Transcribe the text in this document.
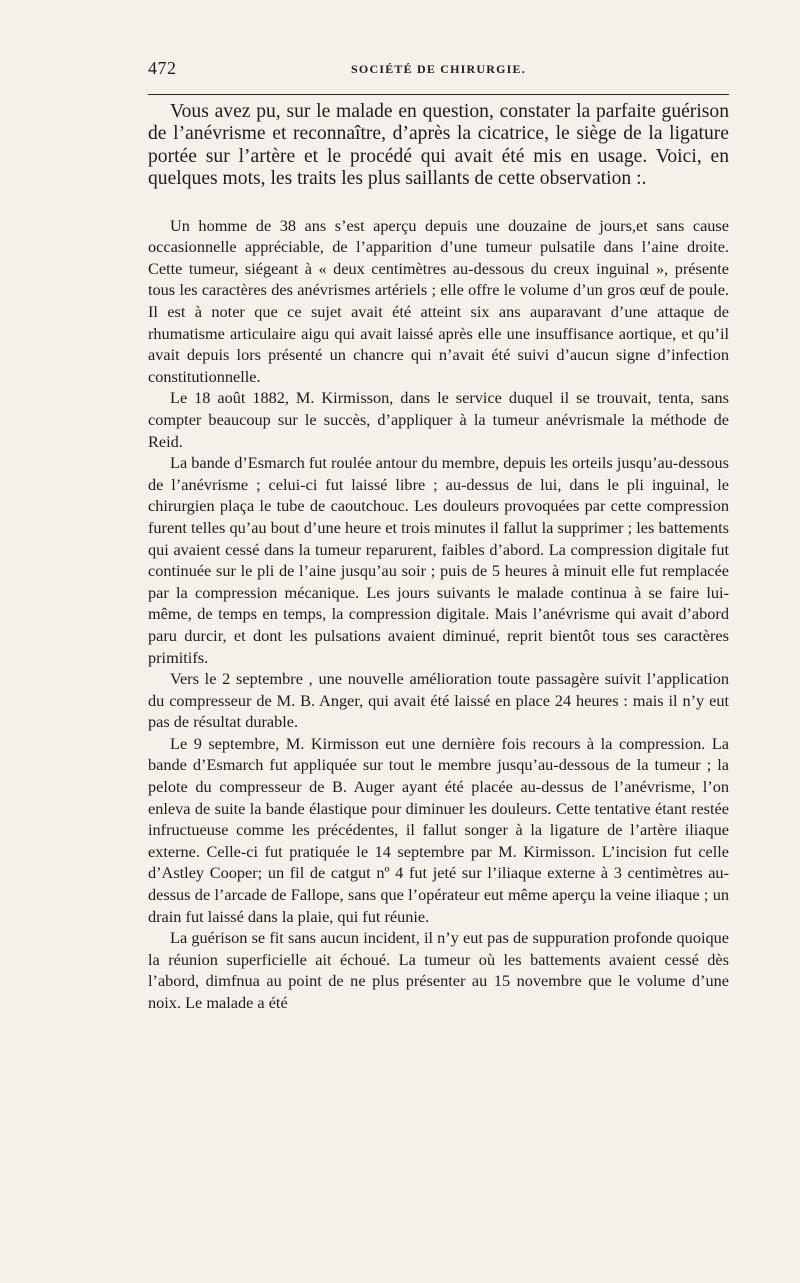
472	SOCIÉTÉ DE CHIRURGIE.

Vous avez pu, sur le malade en question, constater la parfaite guérison de l’anévrisme et reconnaître, d’après la cicatrice, le siège de la ligature portée sur l’artère et le procédé qui avait été mis en usage. Voici, en quelques mots, les traits les plus saillants de cette observation :.

Un homme de 38 ans s’est aperçu depuis une douzaine de jours,et sans cause occasionnelle appréciable, de l’apparition d’une tumeur pulsatile dans l’aine droite. Cette tumeur, siégeant à « deux centimètres au-dessous du creux inguinal », présente tous les caractères des anévrismes artériels ; elle offre le volume d’un gros œuf de poule. Il est à noter que ce sujet avait été atteint six ans auparavant d’une attaque de rhumatisme articulaire aigu qui avait laissé après elle une insuffisance aortique, et qu’il avait depuis lors présenté un chancre qui n’avait été suivi d’aucun signe d’infection constitutionnelle.

Le 18 août 1882, M. Kirmisson, dans le service duquel il se trouvait, tenta, sans compter beaucoup sur le succès, d’appliquer à la tumeur anévrismale la méthode de Reid.

La bande d’Esmarch fut roulée antour du membre, depuis les orteils jusqu’au-dessous de l’anévrisme ; celui-ci fut laissé libre ; au-dessus de lui, dans le pli inguinal, le chirurgien plaça le tube de caoutchouc. Les douleurs provoquées par cette compression furent telles qu’au bout d’une heure et trois minutes il fallut la supprimer ; les battements qui avaient cessé dans la tumeur reparurent, faibles d’abord. La compression digitale fut continuée sur le pli de l’aine jusqu’au soir ; puis de 5 heures à minuit elle fut remplacée par la compression mécanique. Les jours suivants le malade continua à se faire lui-même, de temps en temps, la compression digitale. Mais l’anévrisme qui avait d’abord paru durcir, et dont les pulsations avaient diminué, reprit bientôt tous ses caractères primitifs.

Vers le 2 septembre , une nouvelle amélioration toute passagère suivit l’application du compresseur de M. B. Anger, qui avait été laissé en place 24 heures : mais il n’y eut pas de résultat durable.

Le 9 septembre, M. Kirmisson eut une dernière fois recours à la compression. La bande d’Esmarch fut appliquée sur tout le membre jusqu’au-dessous de la tumeur ; la pelote du compresseur de B. Auger ayant été placée au-dessus de l’anévrisme, l’on enleva de suite la bande élastique pour diminuer les douleurs. Cette tentative étant restée infructueuse comme les précédentes, il fallut songer à la ligature de l’artère iliaque externe. Celle-ci fut pratiquée le 14 septembre par M. Kirmisson. L’incision fut celle d’Astley Cooper; un fil de catgut nº 4 fut jeté sur l’iliaque externe à 3 centimètres au-dessus de l’arcade de Fallope, sans que l’opérateur eut même aperçu la veine iliaque ; un drain fut laissé dans la plaie, qui fut réunie.

La guérison se fit sans aucun incident, il n’y eut pas de suppuration profonde quoique la réunion superficielle ait échoué. La tumeur où les battements avaient cessé dès l’abord, dimfnua au point de ne plus présenter au 15 novembre que le volume d’une noix. Le malade a été
